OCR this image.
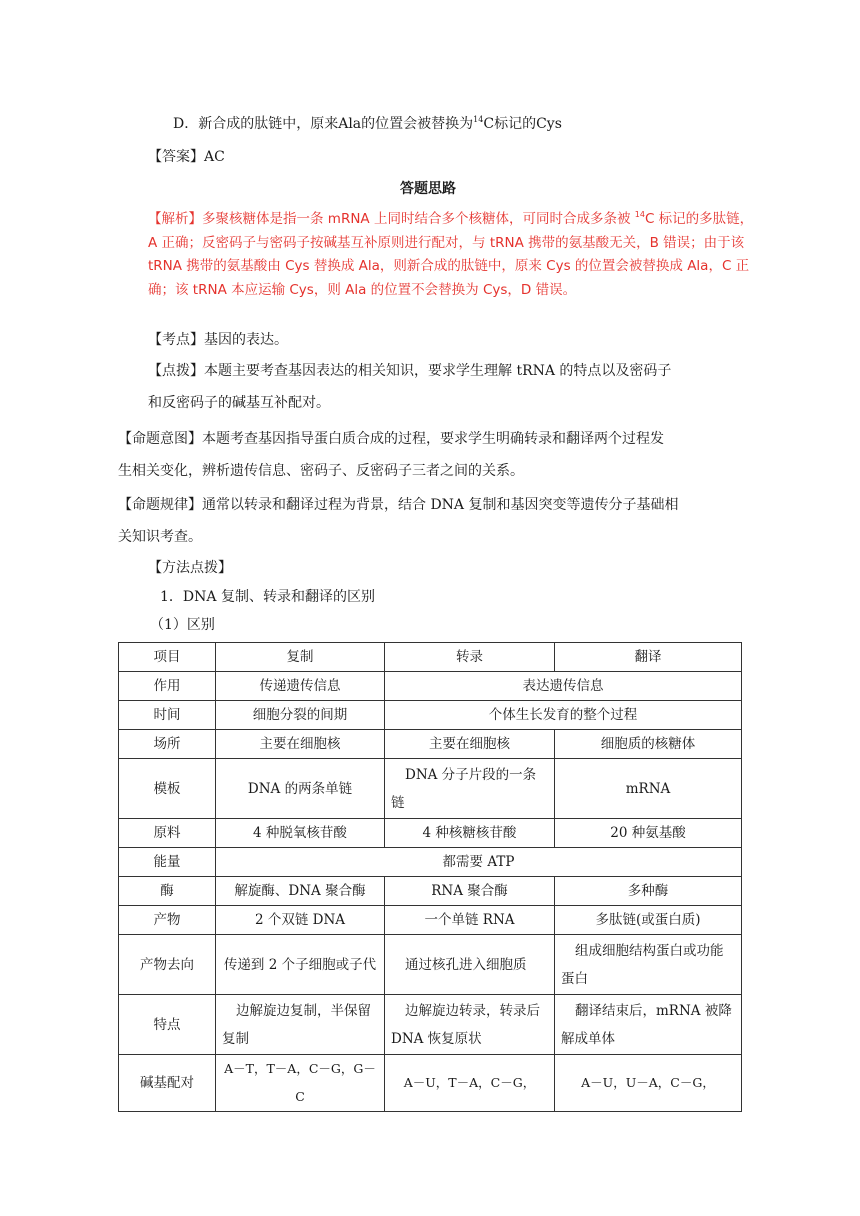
D．新合成的肽链中，原来Ala的位置会被替换为$^{14}$C标记的Cys
【答案】AC
答题思路
【解析】多聚核糖体是指一条 mRNA 上同时结合多个核糖体，可同时合成多条被 $^{14}$C 标记的多肽链，A 正确；反密码子与密码子按碱基互补原则进行配对，与 tRNA 携带的氨基酸无关，B 错误；由于该 tRNA 携带的氨基酸由 Cys 替换成 Ala，则新合成的肽链中，原来 Cys 的位置会被替换成 Ala，C 正确；该 tRNA 本应运输 Cys，则 Ala 的位置不会替换为 Cys，D 错误。
【考点】基因的表达。
【点拨】本题主要考查基因表达的相关知识，要求学生理解 tRNA 的特点以及密码子
和反密码子的碱基互补配对。
【命题意图】本题考查基因指导蛋白质合成的过程，要求学生明确转录和翻译两个过程发
生相关变化，辨析遗传信息、密码子、反密码子三者之间的关系。
【命题规律】通常以转录和翻译过程为背景，结合 DNA 复制和基因突变等遗传分子基础相
关知识考查。
【方法点拨】
1．DNA 复制、转录和翻译的区别
（1）区别
项目	复制	转录	翻译
作用	传递遗传信息	表达遗传信息	
时间	细胞分裂的间期	个体生长发育的整个过程	
场所	主要在细胞核	主要在细胞核	细胞质的核糖体
模板	DNA 的两条单链	DNA 分子片段的一条链	mRNA
原料	4 种脱氧核苷酸	4 种核糖核苷酸	20 种氨基酸
能量	都需要 ATP		
酶	解旋酶、DNA 聚合酶	RNA 聚合酶	多种酶
产物	2 个双链 DNA	一个单链 RNA	多肽链(或蛋白质)
产物去向	传递到 2 个子细胞或子代	通过核孔进入细胞质	组成细胞结构蛋白或功能蛋白
特点	边解旋边复制，半保留复制	边解旋边转录，转录后 DNA 恢复原状	翻译结束后，mRNA 被降解成单体
碱基配对	A－T，T－A，C－G，G－C	A－U，T－A，C－G，	A－U，U－A，C－G，
